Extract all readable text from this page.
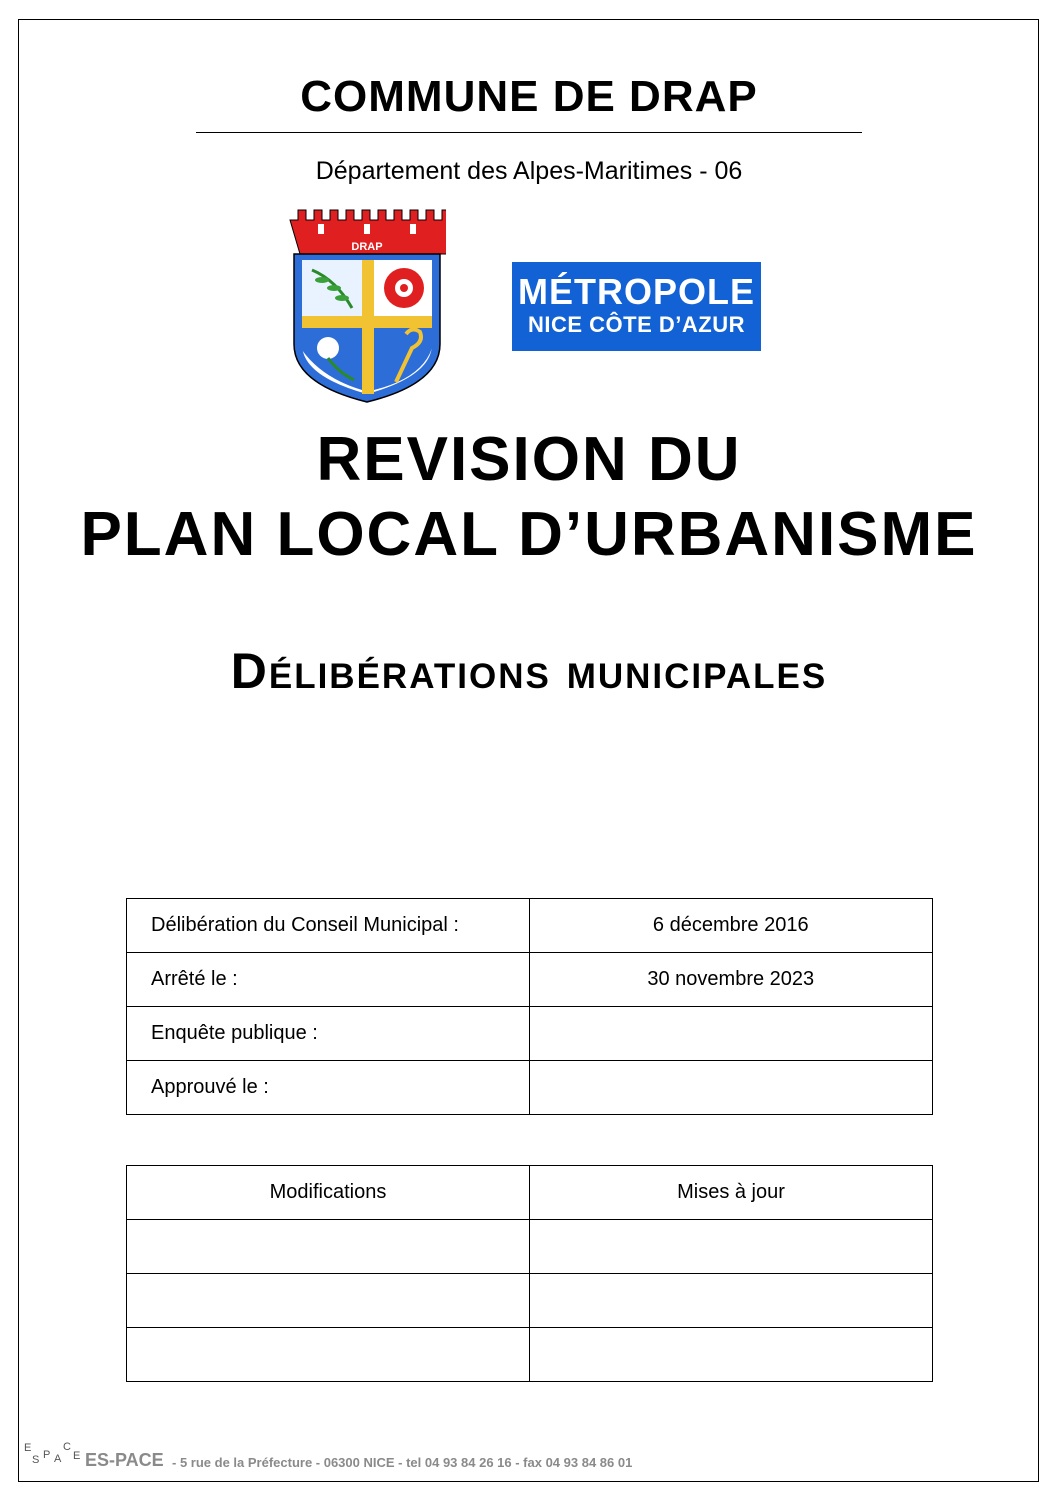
COMMUNE DE DRAP
Département des Alpes-Maritimes - 06
DRAP
MÉTROPOLE
NICE CÔTE D’AZUR
REVISION DU
PLAN LOCAL D’URBANISME
Délibérations municipales
Délibération du Conseil Municipal :	6 décembre 2016
Arrêté le :	30 novembre 2023
Enquête publique :	
Approuvé le :	
Modifications	Mises à jour

E
S P A
C
E ES-PACE - 5 rue de la Préfecture - 06300 NICE - tel 04 93 84 26 16 - fax 04 93 84 86 01
